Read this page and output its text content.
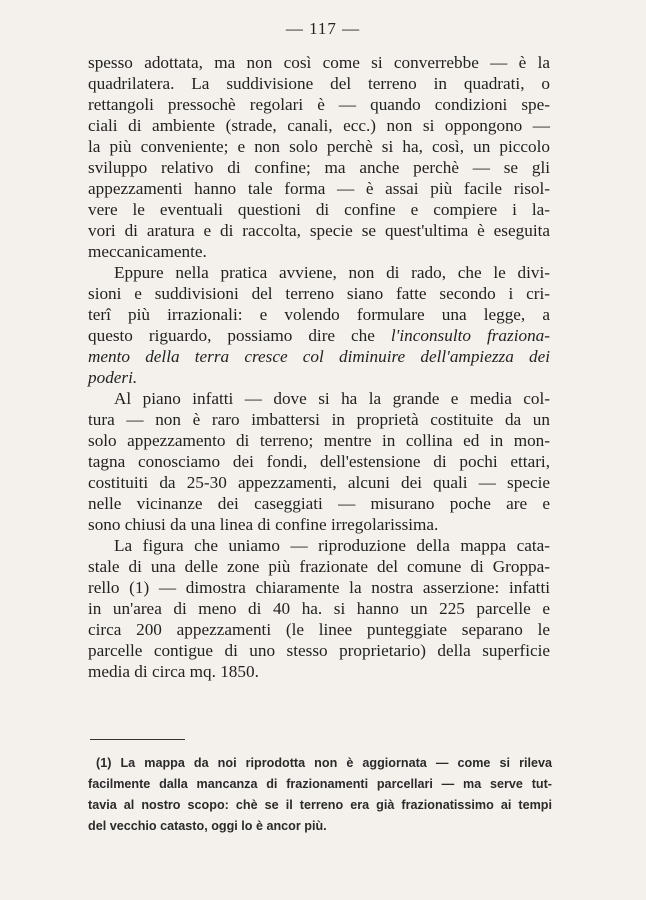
— 117 —

spesso adottata, ma non così come si converrebbe — è la

quadrilatera. La suddivisione del terreno in quadrati, o

rettangoli pressochè regolari è — quando condizioni spe-

ciali di ambiente (strade, canali, ecc.) non si oppongono —

la più conveniente; e non solo perchè si ha, così, un piccolo

sviluppo relativo di confine; ma anche perchè — se gli

appezzamenti hanno tale forma — è assai più facile risol-

vere le eventuali questioni di confine e compiere i la-

vori di aratura e di raccolta, specie se quest'ultima è eseguita

meccanicamente.

Eppure nella pratica avviene, non di rado, che le divi-

sioni e suddivisioni del terreno siano fatte secondo i cri-

terî più irrazionali: e volendo formulare una legge, a

questo riguardo, possiamo dire che l'inconsulto fraziona-

mento della terra cresce col diminuire dell'ampiezza dei

poderi.

Al piano infatti — dove si ha la grande e media col-

tura — non è raro imbattersi in proprietà costituite da un

solo appezzamento di terreno; mentre in collina ed in mon-

tagna conosciamo dei fondi, dell'estensione di pochi ettari,

costituiti da 25-30 appezzamenti, alcuni dei quali — specie

nelle vicinanze dei caseggiati — misurano poche are e

sono chiusi da una linea di confine irregolarissima.

La figura che uniamo — riproduzione della mappa cata-

stale di una delle zone più frazionate del comune di Groppa-

rello (1) — dimostra chiaramente la nostra asserzione: infatti

in un'area di meno di 40 ha. si hanno un 225 parcelle e

circa 200 appezzamenti (le linee punteggiate separano le

parcelle contigue di uno stesso proprietario) della superficie

media di circa mq. 1850.

(1) La mappa da noi riprodotta non è aggiornata — come si rileva

facilmente dalla mancanza di frazionamenti parcellari — ma serve tut-

tavia al nostro scopo: chè se il terreno era già frazionatissimo ai tempi

del vecchio catasto, oggi lo è ancor più.
